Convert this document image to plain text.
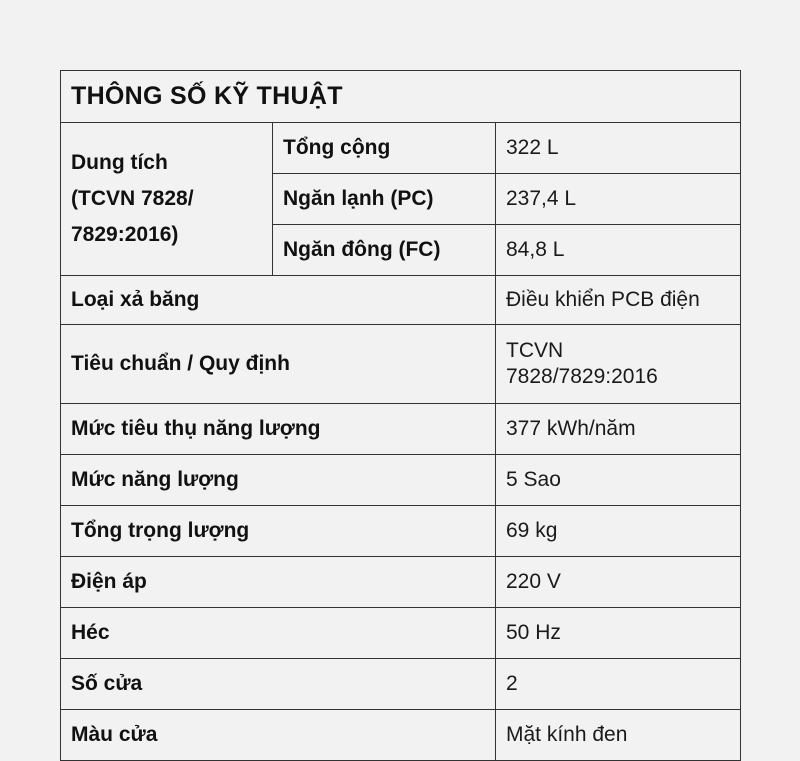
THÔNG SỐ KỸ THUẬT		
Dung tích
(TCVN 7828/
7829:2016)	Tổng cộng	322 L
	Ngăn lạnh (PC)	237,4 L
	Ngăn đông (FC)	84,8 L
Loại xả băng		Điều khiển PCB điện
Tiêu chuẩn / Quy định		TCVN
7828/7829:2016
Mức tiêu thụ năng lượng		377 kWh/năm
Mức năng lượng		5 Sao
Tổng trọng lượng		69 kg
Điện áp		220 V
Héc		50 Hz
Số cửa		2
Màu cửa		Mặt kính đen
